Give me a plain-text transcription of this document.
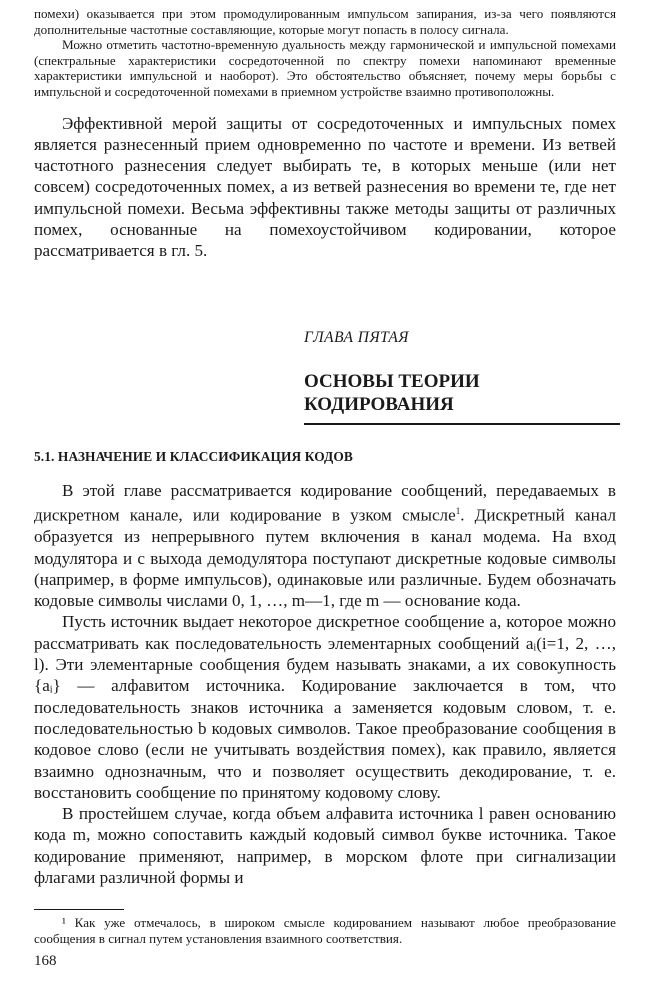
помехи) оказывается при этом промодулированным импульсом запирания, из-за чего появляются дополнительные частотные составляющие, которые могут попасть в полосу сигнала.

Можно отметить частотно-временную дуальность между гармонической и импульсной помехами (спектральные характеристики сосредоточенной по спектру помехи напоминают временные характеристики импульсной и наоборот). Это обстоятельство объясняет, почему меры борьбы с импульсной и сосредоточенной помехами в приемном устройстве взаимно противоположны.

Эффективной мерой защиты от сосредоточенных и импульсных помех является разнесенный прием одновременно по частоте и времени. Из ветвей частотного разнесения следует выбирать те, в которых меньше (или нет совсем) сосредоточенных помех, а из ветвей разнесения во времени те, где нет импульсной помехи. Весьма эффективны также методы защиты от различных помех, основанные на помехоустойчивом кодировании, которое рассматривается в гл. 5.

ГЛАВА ПЯТАЯ

ОСНОВЫ ТЕОРИИ
КОДИРОВАНИЯ

5.1. НАЗНАЧЕНИЕ И КЛАССИФИКАЦИЯ КОДОВ

В этой главе рассматривается кодирование сообщений, передаваемых в дискретном канале, или кодирование в узком смысле$^1$. Дискретный канал образуется из непрерывного путем включения в канал модема. На вход модулятора и с выхода демодулятора поступают дискретные кодовые символы (например, в форме импульсов), одинаковые или различные. Будем обозначать кодовые символы числами 0, 1, …, m—1, где m — основание кода.

Пусть источник выдает некоторое дискретное сообщение a, которое можно рассматривать как последовательность элементарных сообщений aᵢ(i=1, 2, …, l). Эти элементарные сообщения будем называть знаками, а их совокупность {aᵢ} — алфавитом источника. Кодирование заключается в том, что последовательность знаков источника a заменяется кодовым словом, т. е. последовательностью b кодовых символов. Такое преобразование сообщения в кодовое слово (если не учитывать воздействия помех), как правило, является взаимно однозначным, что и позволяет осуществить декодирование, т. е. восстановить сообщение по принятому кодовому слову.

В простейшем случае, когда объем алфавита источника l равен основанию кода m, можно сопоставить каждый кодовый символ букве источника. Такое кодирование применяют, например, в морском флоте при сигнализации флагами различной формы и

¹ Как уже отмечалось, в широком смысле кодированием называют любое преобразование сообщения в сигнал путем установления взаимного соответствия.

168
